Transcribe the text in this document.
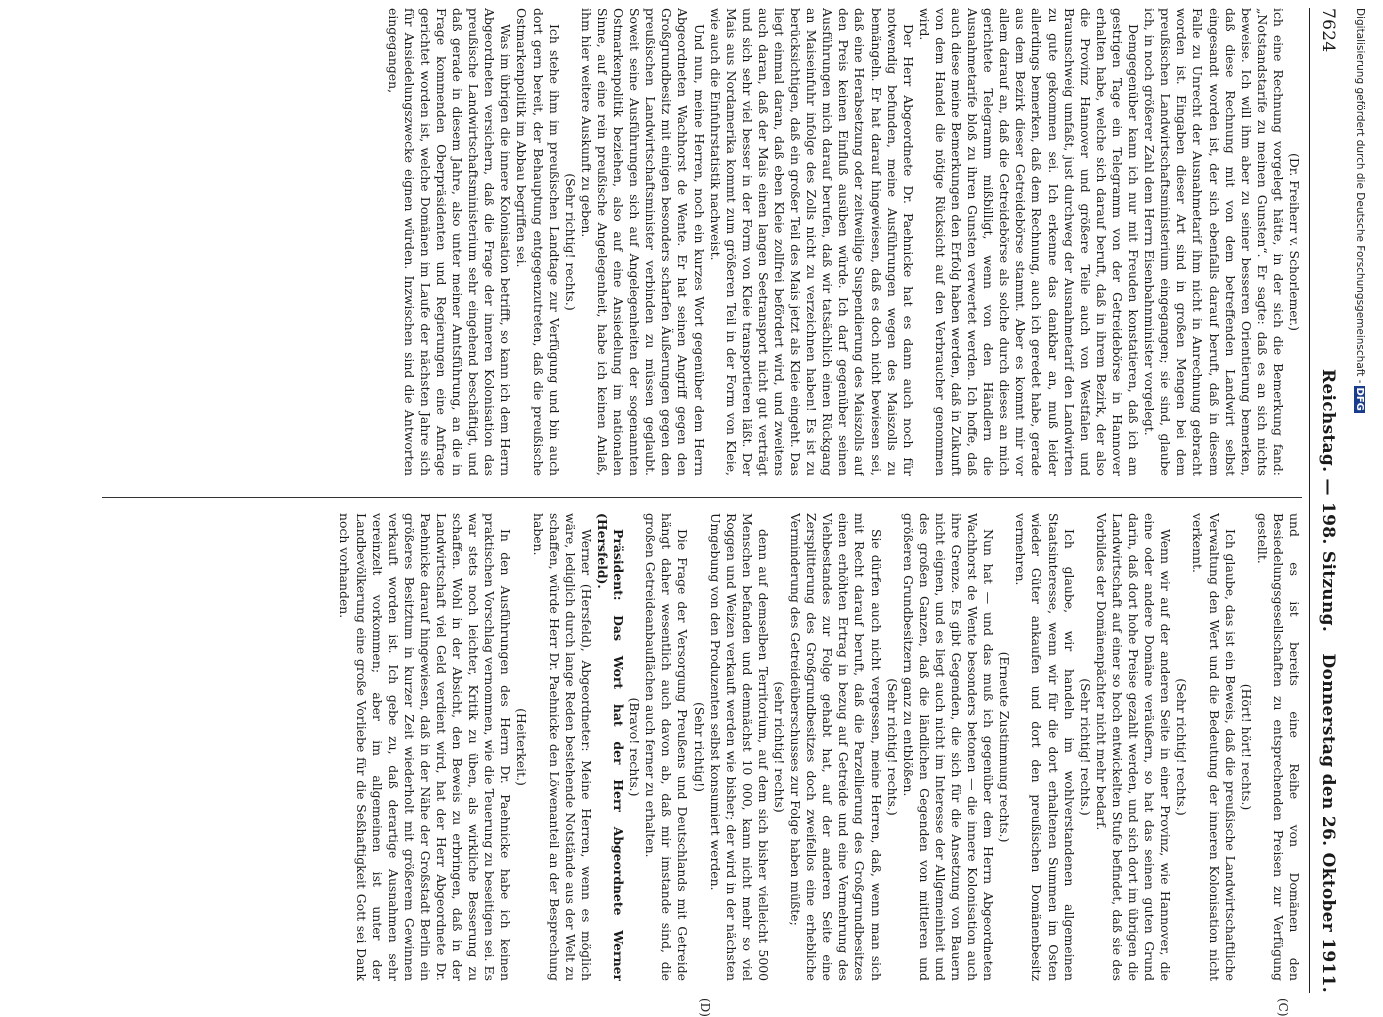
7624
Reichstag. — 198. Sitzung.
Donnerstag den 26. Oktober 1911.
(C)
(D)

(Dr. Freiherr v. Schorlemer.)

ich eine Rechnung vorgelegt hätte, in der sich die Bemerkung fand: „Notstandstarife zu meinen Gunsten“. Er sagte: daß es an sich nichts beweise. Ich will ihm aber zu seiner besseren Orientierung bemerken, daß diese Rechnung mit von dem betreffenden Landwirt selbst eingesandt worden ist, der sich ebenfalls darauf beruft, daß in diesem Falle zu Unrecht der Ausnahmetarif ihm nicht in Anrechnung gebracht worden ist. Eingaben dieser Art sind in großen Mengen bei dem preußischen Landwirtschaftsministerium eingegangen; sie sind, glaube ich, in noch größerer Zahl dem Herrn Eisenbahnminister vorgelegt.

Demgegenüber kann ich nur mit Freuden konstatieren, daß ich am gestrigen Tage ein Telegramm von der Getreidebörse in Hannover erhalten habe, welche sich darauf beruft, daß in ihrem Bezirk, der also die Provinz Hannover und größere Teile auch von Westfalen und Braunschweig umfaßt, just durchweg der Ausnahmetarif den Landwirten zu gute gekommen sei. Ich erkenne das dankbar an, muß leider allerdings bemerken, daß dem Rechnung, auch ich geredet habe, gerade aus dem Bezirk dieser Getreidebörse stammt. Aber es kommt mir vor allem darauf an, daß die Getreidebörse als solche durch dieses an mich gerichtete Telegramm mißbilligt, wenn von den Händlern die Ausnahmetarife bloß zu ihren Gunsten verwertet werden. Ich hoffe, daß auch diese meine Bemerkungen den Erfolg haben werden, daß in Zukunft von dem Handel die nötige Rücksicht auf den Verbraucher genommen wird.

Der Herr Abgeordnete Dr. Paehnicke hat es dann auch noch für notwendig befunden, meine Ausführungen wegen des Maiszolls zu bemängeln. Er hat darauf hingewiesen, daß es doch nicht bewiesen sei, daß eine Herabsetzung oder zeitweilige Suspendierung des Maiszolls auf den Preis keinen Einfluß ausüben würde. Ich darf gegenüber seinen Ausführungen mich darauf berufen, daß wir tatsächlich einen Rückgang an Maiseinfuhr infolge des Zolls nicht zu verzeichnen haben! Es ist zu berücksichtigen, daß ein großer Teil des Mais jetzt als Kleie eingeht. Das liegt einmal daran, daß eben Kleie zollfrei befördert wird, und zweitens auch daran, daß der Mais einen langen Seetransport nicht gut verträgt und sich sehr viel besser in der Form von Kleie transportieren läßt. Der Mais aus Nordamerika kommt zum größeren Teil in der Form von Kleie, wie auch die Einfuhrstatistik nachweist.

Und nun, meine Herren, noch ein kurzes Wort gegenüber dem Herrn Abgeordneten Wachhorst de Wente. Er hat seinen Angriff gegen den Großgrundbesitz mit einigen besonders scharfen Äußerungen gegen den preußischen Landwirtschaftsminister verbinden zu müssen geglaubt. Soweit seine Ausführungen sich auf Angelegenheiten der sogenannten Ostmarkenpolitik beziehen, also auf eine Ansiedelung im nationalen Sinne, auf eine rein preußische Angelegenheit, habe ich keinen Anlaß, ihm hier weitere Auskunft zu geben.

(Sehr richtig! rechts.)

Ich stehe ihm im preußischen Landtage zur Verfügung und bin auch dort gern bereit, der Behauptung entgegenzutreten, daß die preußische Ostmarkenpolitik im Abbau begriffen sei.

Was im übrigen die innere Kolonisation betrifft, so kann ich dem Herrn Abgeordneten versichern, daß die Frage der inneren Kolonisation das preußische Landwirtschaftsministerium sehr eingehend beschäftigt, und daß gerade in diesem Jahre, also unter meiner Amtsführung, an die in Frage kommenden Oberpräsidenten und Regierungen eine Anfrage gerichtet worden ist, welche Domänen im Laufe der nächsten Jahre sich für Ansiedelungszwecke eignen würden. Inzwischen sind die Antworten eingegangen,

und es ist bereits eine Reihe von Domänen den Besiedelungsgesellschaften zu entsprechenden Preisen zur Verfügung gestellt.

(Hört! hört! rechts.)

Ich glaube, das ist ein Beweis, daß die preußische Landwirtschaftliche Verwaltung den Wert und die Bedeutung der inneren Kolonisation nicht verkennt.

(Sehr richtig! rechts.)

Wenn wir auf der anderen Seite in einer Provinz, wie Hannover, die eine oder andere Domäne veräußern, so hat das seinen guten Grund darin, daß dort hohe Preise gezahlt werden, und sich dort im übrigen die Landwirtschaft auf einer so hoch entwickelten Stufe befindet, daß sie des Vorbildes der Domänenpächter nicht mehr bedarf.

(Sehr richtig! rechts.)

Ich glaube, wir handeln im wohlverstandenen allgemeinen Staatsinteresse, wenn wir für die dort erhaltenen Summen im Osten wieder Güter ankaufen und dort den preußischen Domänenbesitz vermehren.

(Erneute Zustimmung rechts.)

Nun hat — und das muß ich gegenüber dem Herrn Abgeordneten Wachhorst de Wente besonders betonen — die innere Kolonisation auch ihre Grenze. Es gibt Gegenden, die sich für die Ansetzung von Bauern nicht eignen, und es liegt auch nicht im Interesse der Allgemeinheit und des großen Ganzen, daß die ländlichen Gegenden von mittleren und größeren Grundbesitzern ganz zu entblößen.

(Sehr richtig! rechts.)

Sie dürfen auch nicht vergessen, meine Herren, daß, wenn man sich mit Recht darauf beruft, daß die Parzellierung des Großgrundbesitzes einen erhöhten Ertrag in bezug auf Getreide und eine Vermehrung des Viehbestandes zur Folge gehabt hat, auf der anderen Seite eine Zersplitterung des Großgrundbesitzes doch zweifellos eine erhebliche Verminderung des Getreideüberschusses zur Folge haben müßte;

(sehr richtig! rechts)

denn auf demselben Territorium, auf dem sich bisher vielleicht 5000 Menschen befanden und demnächst 10 000, kann nicht mehr so viel Roggen und Weizen verkauft werden wie bisher; der wird in der nächsten Umgebung von den Produzenten selbst konsumiert werden.

(Sehr richtig!)

Die Frage der Versorgung Preußens und Deutschlands mit Getreide hängt daher wesentlich auch davon ab, daß mir imstande sind, die großen Getreideanbauflächen auch ferner zu erhalten.

(Bravo! rechts.)

Präsident: Das Wort hat der Herr Abgeordnete Werner (Hersfeld).

Werner (Hersfeld), Abgeordneter: Meine Herren, wenn es möglich wäre, lediglich durch lange Reden bestehende Notstände aus der Welt zu schaffen, würde Herr Dr. Paehnicke den Löwenanteil an der Besprechung haben.

(Heiterkeit.)

In den Ausführungen des Herrn Dr. Paehnicke habe ich keinen praktischen Vorschlag vernommen, wie die Teuerung zu beseitigen sei. Es war stets noch leichter, Kritik zu üben, als wirkliche Besserung zu schaffen. Wohl in der Absicht, den Beweis zu erbringen, daß in der Landwirtschaft viel Geld verdient wird, hat der Herr Abgeordnete Dr. Paehnicke darauf hingewiesen, daß in der Nähe der Großstadt Berlin ein größeres Besitztum in kurzer Zeit wiederholt mit größerem Gewinnen verkauft worden ist. Ich gebe zu, daß derartige Ausnahmen sehr vereinzelt vorkommen; aber im allgemeinen ist unter der Landbevölkerung eine große Vorliebe für die Seßhaftigkeit Gott sei Dank noch vorhanden.

Digitalisierung gefördert durch die Deutsche Forschungsgemeinschaft -DFG
